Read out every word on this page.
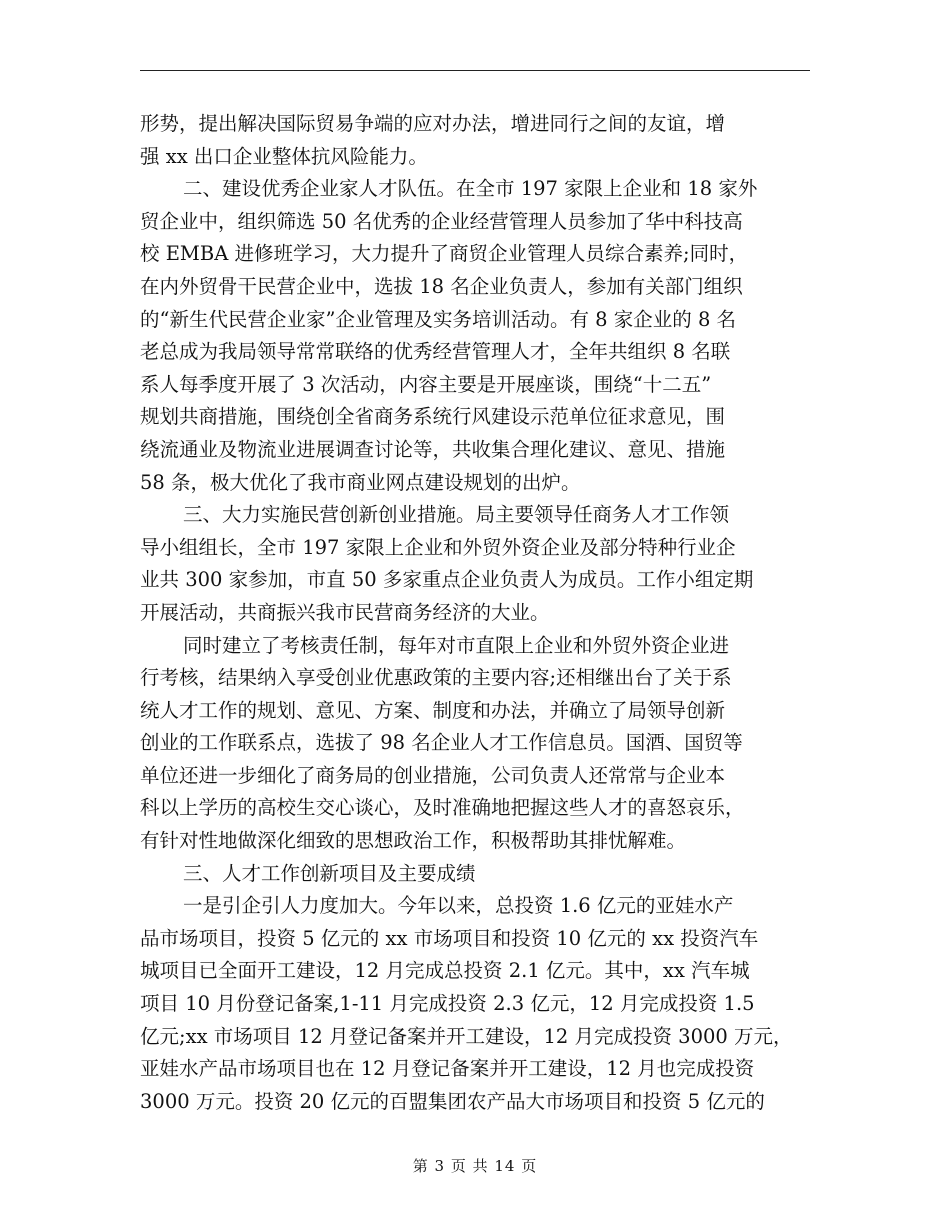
形势，提出解决国际贸易争端的应对办法，增进同行之间的友谊，增
强 xx 出口企业整体抗风险能力。
二、建设优秀企业家人才队伍。在全市 197 家限上企业和 18 家外
贸企业中，组织筛选 50 名优秀的企业经营管理人员参加了华中科技高
校 EMBA 进修班学习，大力提升了商贸企业管理人员综合素养;同时，
在内外贸骨干民营企业中，选拔 18 名企业负责人，参加有关部门组织
的“新生代民营企业家”企业管理及实务培训活动。有 8 家企业的 8 名
老总成为我局领导常常联络的优秀经营管理人才，全年共组织 8 名联
系人每季度开展了 3 次活动，内容主要是开展座谈，围绕“十二五”
规划共商措施，围绕创全省商务系统行风建设示范单位征求意见，围
绕流通业及物流业进展调查讨论等，共收集合理化建议、意见、措施
58 条，极大优化了我市商业网点建设规划的出炉。
三、大力实施民营创新创业措施。局主要领导任商务人才工作领
导小组组长，全市 197 家限上企业和外贸外资企业及部分特种行业企
业共 300 家参加，市直 50 多家重点企业负责人为成员。工作小组定期
开展活动，共商振兴我市民营商务经济的大业。
同时建立了考核责任制，每年对市直限上企业和外贸外资企业进
行考核，结果纳入享受创业优惠政策的主要内容;还相继出台了关于系
统人才工作的规划、意见、方案、制度和办法，并确立了局领导创新
创业的工作联系点，选拔了 98 名企业人才工作信息员。国酒、国贸等
单位还进一步细化了商务局的创业措施，公司负责人还常常与企业本
科以上学历的高校生交心谈心，及时准确地把握这些人才的喜怒哀乐，
有针对性地做深化细致的思想政治工作，积极帮助其排忧解难。
三、人才工作创新项目及主要成绩
一是引企引人力度加大。今年以来，总投资 1.6 亿元的亚娃水产
品市场项目，投资 5 亿元的 xx 市场项目和投资 10 亿元的 xx 投资汽车
城项目已全面开工建设，12 月完成总投资 2.1 亿元。其中，xx 汽车城
项目 10 月份登记备案,1-11 月完成投资 2.3 亿元，12 月完成投资 1.5
亿元;xx 市场项目 12 月登记备案并开工建设，12 月完成投资 3000 万元，
亚娃水产品市场项目也在 12 月登记备案并开工建设，12 月也完成投资
3000 万元。投资 20 亿元的百盟集团农产品大市场项目和投资 5 亿元的
第 3 页 共 14 页
